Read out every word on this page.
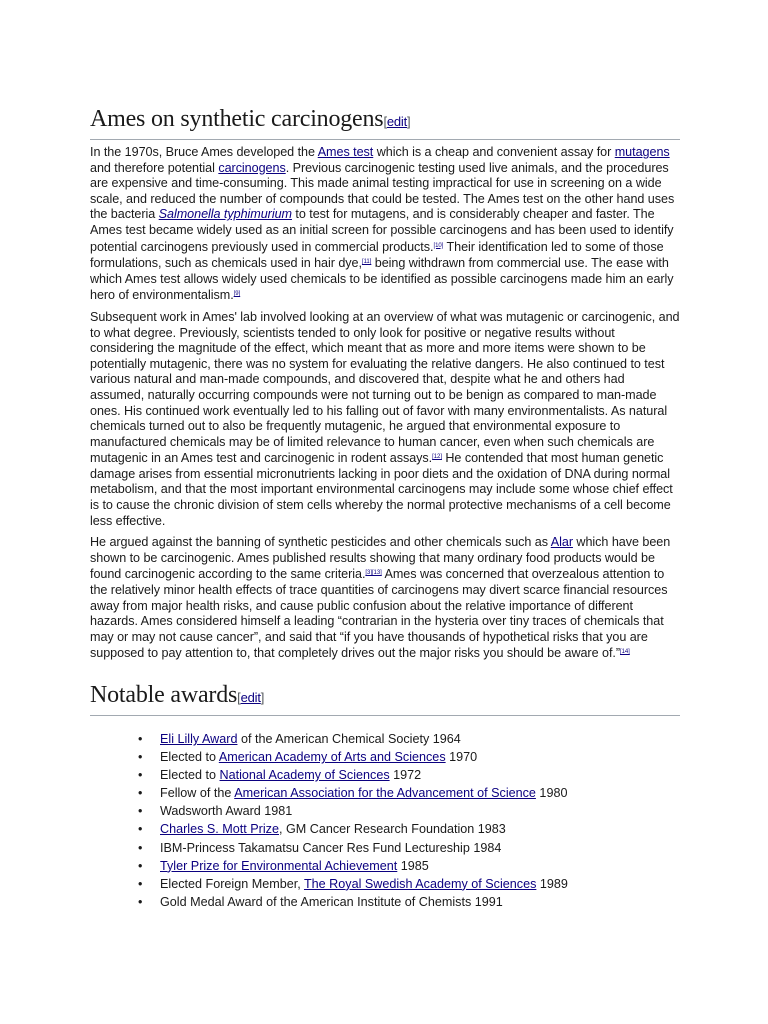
Ames on synthetic carcinogens[edit]

In the 1970s, Bruce Ames developed the Ames test which is a cheap and convenient assay for mutagens and therefore potential carcinogens. Previous carcinogenic testing used live animals, and the procedures are expensive and time-consuming. This made animal testing impractical for use in screening on a wide scale, and reduced the number of compounds that could be tested. The Ames test on the other hand uses the bacteria Salmonella typhimurium to test for mutagens, and is considerably cheaper and faster. The Ames test became widely used as an initial screen for possible carcinogens and has been used to identify potential carcinogens previously used in commercial products.[10] Their identification led to some of those formulations, such as chemicals used in hair dye,[11] being withdrawn from commercial use. The ease with which Ames test allows widely used chemicals to be identified as possible carcinogens made him an early hero of environmentalism.[9]

Subsequent work in Ames' lab involved looking at an overview of what was mutagenic or carcinogenic, and to what degree. Previously, scientists tended to only look for positive or negative results without considering the magnitude of the effect, which meant that as more and more items were shown to be potentially mutagenic, there was no system for evaluating the relative dangers. He also continued to test various natural and man-made compounds, and discovered that, despite what he and others had assumed, naturally occurring compounds were not turning out to be benign as compared to man-made ones. His continued work eventually led to his falling out of favor with many environmentalists. As natural chemicals turned out to also be frequently mutagenic, he argued that environmental exposure to manufactured chemicals may be of limited relevance to human cancer, even when such chemicals are mutagenic in an Ames test and carcinogenic in rodent assays.[12] He contended that most human genetic damage arises from essential micronutrients lacking in poor diets and the oxidation of DNA during normal metabolism, and that the most important environmental carcinogens may include some whose chief effect is to cause the chronic division of stem cells whereby the normal protective mechanisms of a cell become less effective.

He argued against the banning of synthetic pesticides and other chemicals such as Alar which have been shown to be carcinogenic. Ames published results showing that many ordinary food products would be found carcinogenic according to the same criteria.[3][13] Ames was concerned that overzealous attention to the relatively minor health effects of trace quantities of carcinogens may divert scarce financial resources away from major health risks, and cause public confusion about the relative importance of different hazards. Ames considered himself a leading “contrarian in the hysteria over tiny traces of chemicals that may or may not cause cancer”, and said that “if you have thousands of hypothetical risks that you are supposed to pay attention to, that completely drives out the major risks you should be aware of.”[14]

Notable awards[edit]
• Eli Lilly Award of the American Chemical Society 1964
• Elected to American Academy of Arts and Sciences 1970
• Elected to National Academy of Sciences 1972
• Fellow of the American Association for the Advancement of Science 1980
• Wadsworth Award 1981
• Charles S. Mott Prize, GM Cancer Research Foundation 1983
• IBM-Princess Takamatsu Cancer Res Fund Lectureship 1984
• Tyler Prize for Environmental Achievement 1985
• Elected Foreign Member, The Royal Swedish Academy of Sciences 1989
• Gold Medal Award of the American Institute of Chemists 1991
